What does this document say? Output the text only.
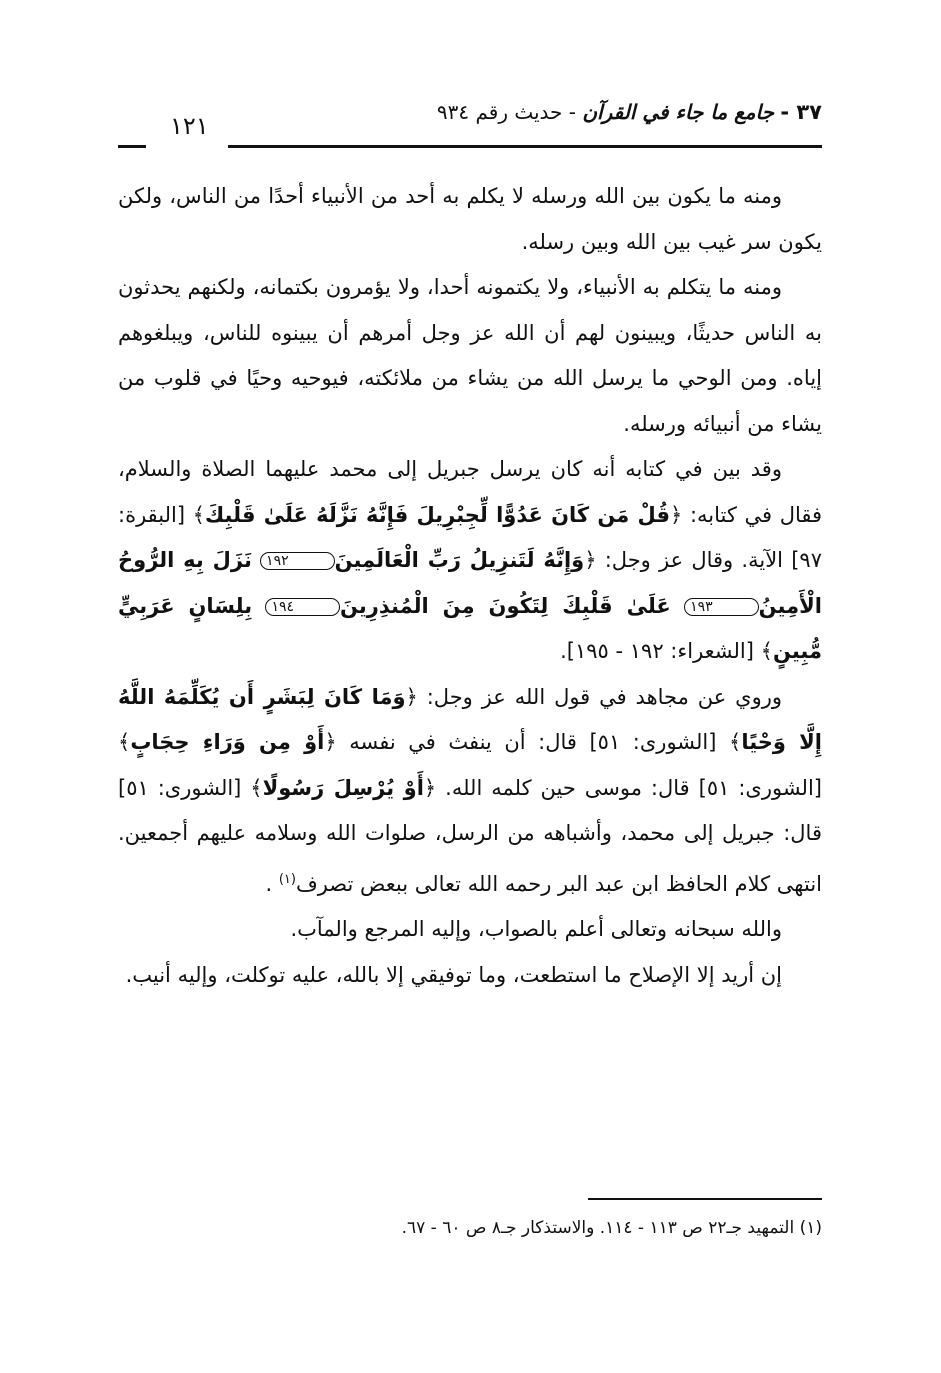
٣٧ - جامع ما جاء في القرآن - حديث رقم ٩٣٤
١٢١

ومنه ما يكون بين الله ورسله لا يكلم به أحد من الأنبياء أحدًا من الناس، ولكن يكون سر غيب بين الله وبين رسله.

ومنه ما يتكلم به الأنبياء، ولا يكتمونه أحدا، ولا يؤمرون بكتمانه، ولكنهم يحدثون به الناس حديثًا، ويبينون لهم أن الله عز وجل أمرهم أن يبينوه للناس، ويبلغوهم إياه. ومن الوحي ما يرسل الله من يشاء من ملائكته، فيوحيه وحيًا في قلوب من يشاء من أنبيائه ورسله.

وقد بين في كتابه أنه كان يرسل جبريل إلى محمد عليهما الصلاة والسلام، فقال في كتابه: ﴿قُلْ مَن كَانَ عَدُوًّا لِّجِبْرِيلَ فَإِنَّهُ نَزَّلَهُ عَلَىٰ قَلْبِكَ﴾ [البقرة: ٩٧] الآية. وقال عز وجل: ﴿وَإِنَّهُ لَتَنزِيلُ رَبِّ الْعَالَمِينَ١٩٢ نَزَلَ بِهِ الرُّوحُ الْأَمِينُ١٩٣ عَلَىٰ قَلْبِكَ لِتَكُونَ مِنَ الْمُنذِرِينَ١٩٤ بِلِسَانٍ عَرَبِيٍّ مُّبِينٍ﴾ [الشعراء: ١٩٢ - ١٩٥].

وروي عن مجاهد في قول الله عز وجل: ﴿وَمَا كَانَ لِبَشَرٍ أَن يُكَلِّمَهُ اللَّهُ إِلَّا وَحْيًا﴾ [الشورى: ٥١] قال: أن ينفث في نفسه ﴿أَوْ مِن وَرَاءِ حِجَابٍ﴾ [الشورى: ٥١] قال: موسى حين كلمه الله. ﴿أَوْ يُرْسِلَ رَسُولًا﴾ [الشورى: ٥١] قال: جبريل إلى محمد، وأشباهه من الرسل، صلوات الله وسلامه عليهم أجمعين. انتهى كلام الحافظ ابن عبد البر رحمه الله تعالى ببعض تصرف$^{(١)}$ .

والله سبحانه وتعالى أعلم بالصواب، وإليه المرجع والمآب.

إن أريد إلا الإصلاح ما استطعت، وما توفيقي إلا بالله، عليه توكلت، وإليه أنيب.

(١) التمهيد جـ٢٢ ص ١١٣ - ١١٤. والاستذكار جـ٨ ص ٦٠ - ٦٧.
